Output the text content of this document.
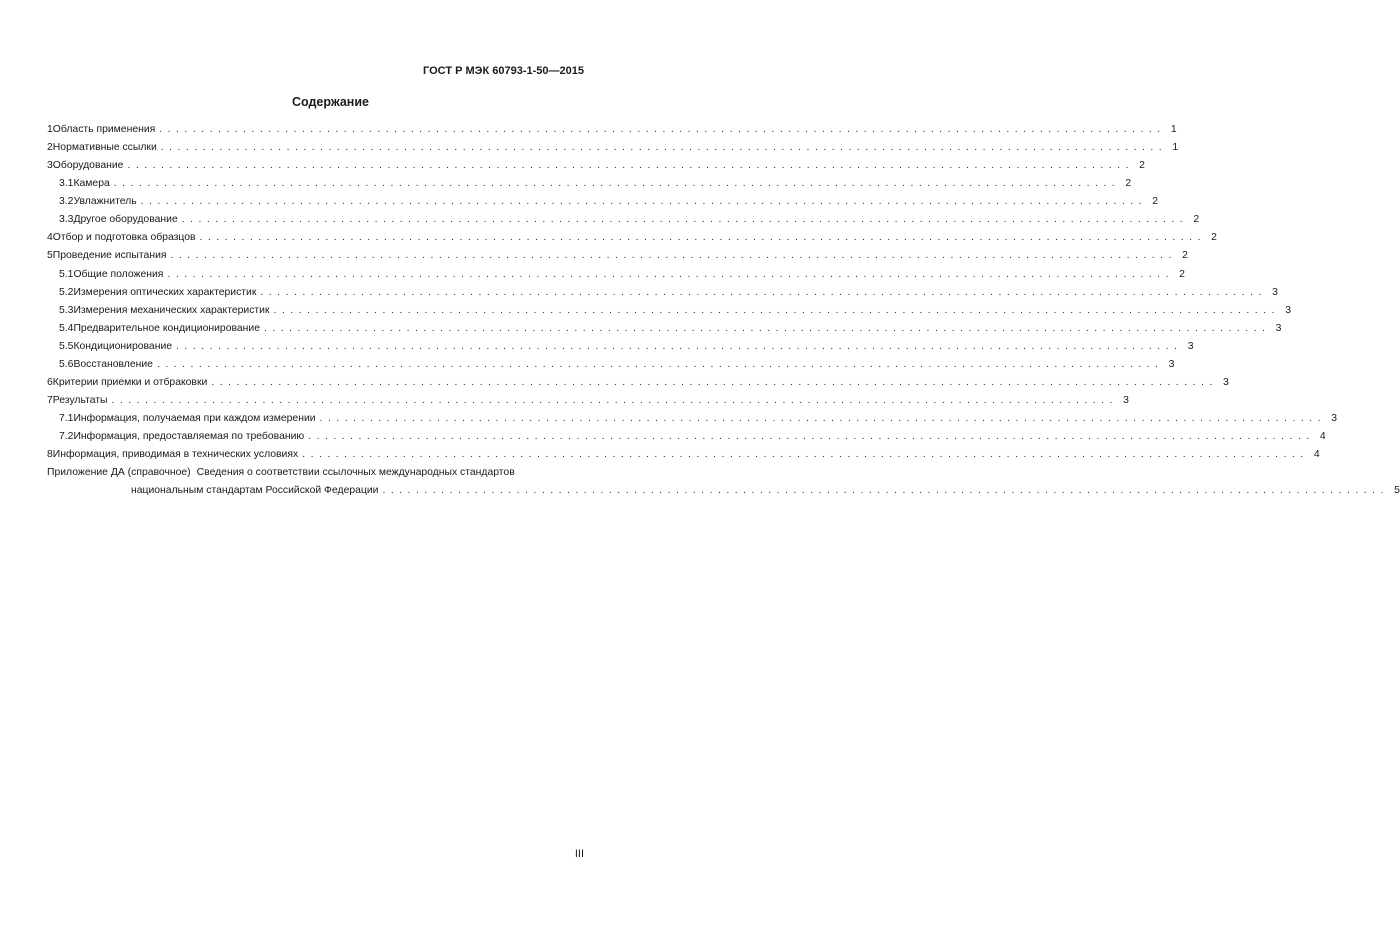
ГОСТ Р МЭК 60793-1-50—2015
Содержание
1 Область применения ........................................................................................................................ 1
2 Нормативные ссылки ........................................................................................................................ 1
3 Оборудование ........................................................................................................................ 2
3.1 Камера ........................................................................................................................ 2
3.2 Увлажнитель ........................................................................................................................ 2
3.3 Другое оборудование ........................................................................................................................ 2
4 Отбор и подготовка образцов ........................................................................................................................ 2
5 Проведение испытания ........................................................................................................................ 2
5.1 Общие положения ........................................................................................................................ 2
5.2 Измерения оптических характеристик ........................................................................................................................ 3
5.3 Измерения механических характеристик ........................................................................................................................ 3
5.4 Предварительное кондиционирование ........................................................................................................................ 3
5.5 Кондиционирование ........................................................................................................................ 3
5.6 Восстановление ........................................................................................................................ 3
6 Критерии приемки и отбраковки ........................................................................................................................ 3
7 Результаты ........................................................................................................................ 3
7.1 Информация, получаемая при каждом измерении ........................................................................................................................ 3
7.2 Информация, предоставляемая по требованию ........................................................................................................................ 4
8 Информация, приводимая в технических условиях ........................................................................................................................ 4
Приложение ДА (справочное) Сведения о соответствии ссылочных международных стандартов
национальным стандартам Российской Федерации ........................................................................................................................ 5
III
